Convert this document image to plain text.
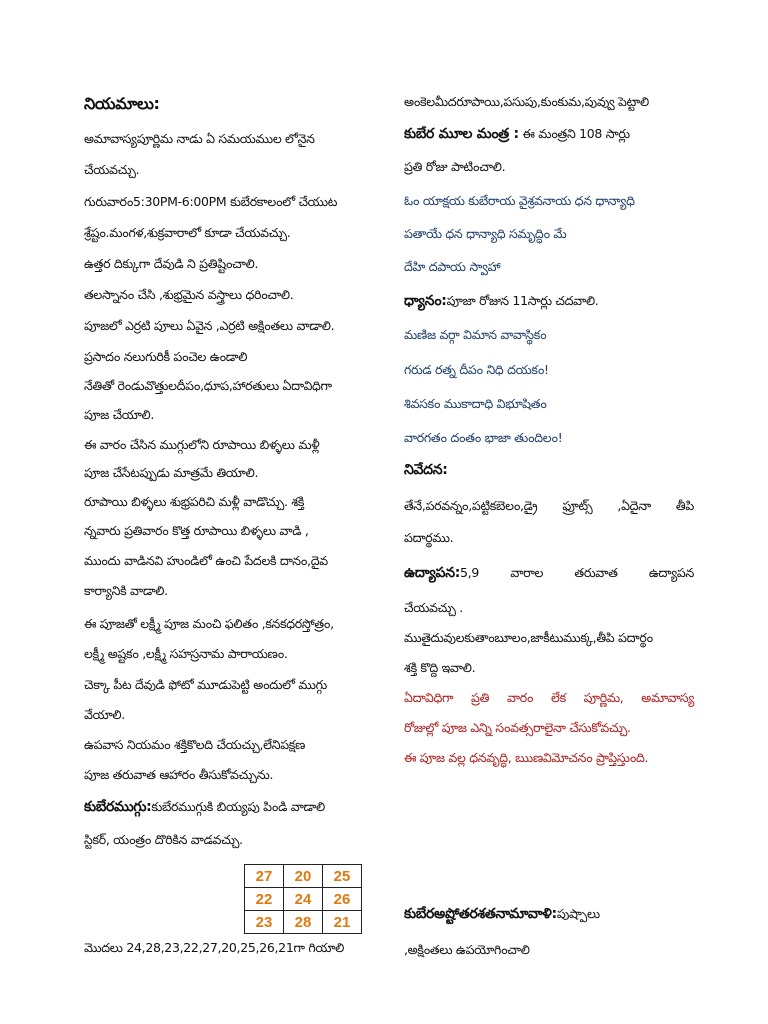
నియమాలు:
అమావాస్యపూర్ణిమ నాడు ఏ సమయముల లోనైన
చేయవచ్చు.
గురువారం5:30PM-6:00PM కుబేరకాలంలో చేయుట
శ్రేష్టం.మంగళ,శుక్రవారాలో కూడా చేయవచ్చు.
ఉత్తర దిక్కుగా దేవుడి ని ప్రతిష్టించాలి.
తలస్నానం చేసి ,శుభ్రమైన వస్త్రాలు ధరించాలి.
పూజలో ఎర్రటి పూలు ఏవైన ,ఎర్రటి అక్షింతలు వాడాలి.
ప్రసాదం నలుగురికీ పంచెల ఉండాలి
నేతితో రెండువొత్తులదీపం,ధూప,హారతులు ఏదావిధిగా
పూజ చేయాలి.
ఈ వారం చేసిన ముగ్గులోని రూపాయి బిళ్ళలు మళ్లీ
పూజ చేసేటప్పుడు మాత్రమే తియాలి.
రూపాయి బిళ్ళలు శుభ్రపరిచి మళ్లీ వాడొచ్చు. శక్తి
న్నవారు ప్రతివారం కొత్త రూపాయి బిళ్ళలు వాడి ,
ముందు వాడినవి హుండిలో ఉంచి పేదలకి దానం,దైవ
కార్యానికి వాడాలి.
ఈ పూజతో లక్ష్మీ పూజ మంచి ఫలితం ,కనకధరస్తోత్రం,
లక్ష్మీ అష్టకం ,లక్ష్మీ సహస్రనామ పారాయణం.
చెక్కా పీట దేవుడి ఫోటో మూడుపెట్టి అందులో ముగ్గు
వేయాలి.
ఉపవాస నియమం శక్తికొలది చేయచ్చు,లేనిపక్షణ
పూజ తరువాత ఆహారం తీసుకోవచ్చును.
కుబేరముగ్గు:కుబేరముగ్గుకి బియ్యపు పిండి వాడాలి
స్టికర్, యంత్రం దొరికిన వాడవచ్చు.
మొదలు 24,28,23,22,27,20,25,26,21గా గియాలి
27	20	25
22	24	26
23	28	21
అంకెలమీదరూపాయి,పసుపు,కుంకుమ,పువ్వు పెట్టాలి
కుబేర మూల మంత్ర : ఈ మంత్రని 108 సార్లు
ప్రతి రోజు పాటించాలి.
ఓం యాక్షయ కుబేరాయ వైశ్రవనాయ ధన ధాన్యాధి
పతాయే ధన ధాన్యాధి సమృద్ధిం మే
దేహి దపాయ స్వాహా
ధ్యానం:పూజా రోజున 11సార్లు చదవాలి.
మణిజ వర్గా విమాన వావాస్థికం
గరుడ రత్న దీపం నిధి దయకం!
శివసకం ముకాదాధి విభూషితం
వారగతం దంతం భాజా తుందిలం!
నివేదన:
తేనే,పరవన్నం,పట్టికబెలం,డ్రై ఫ్రూట్స్ ,ఏదైనా తీపి
పదార్థము.
ఉద్యాపన:5,9 వారాల తరువాత ఉద్యాపన
చేయవచ్చు .
ముతైదువులకుతాంబూలం,జాకీటుముక్క,తీపి పదార్థం
శక్తి కొద్ది ఇవాలి.
ఏదావిధిగా ప్రతి వారం లేక పూర్ణిమ, అమావాస్య
రోజుల్లో పూజ ఎన్ని సంవత్సరాలైనా చేసుకోవచ్చు.
ఈ పూజ వల్ల ధనవృద్ధి, ఋణవిమోచనం ప్రాప్తిస్తుంది.
కుబేరఅష్టోతరశతనామావాళి:పుష్పాలు
,అక్షింతలు ఉపయోగించాలి
